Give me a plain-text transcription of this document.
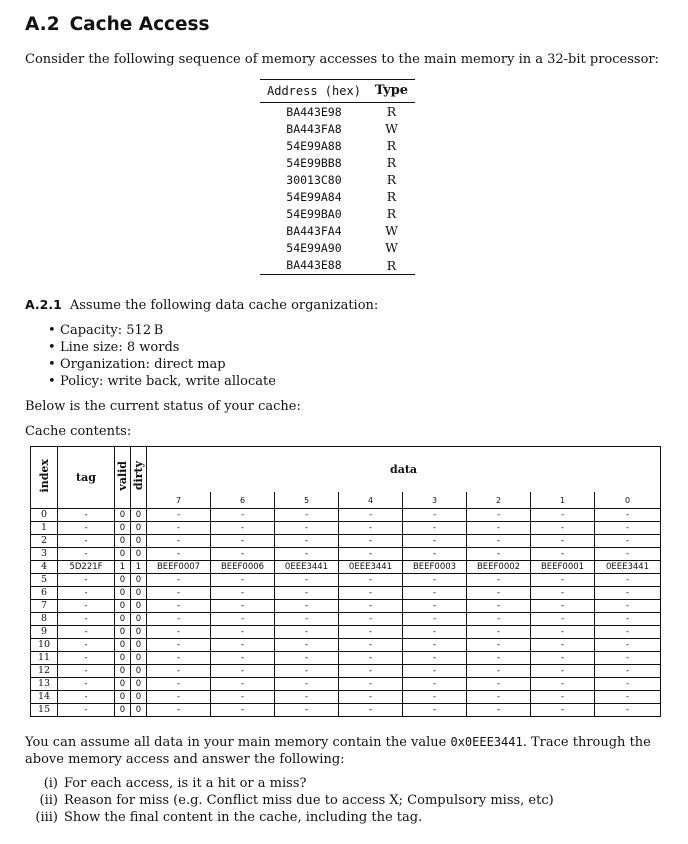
A.2 Cache Access
Consider the following sequence of memory accesses to the main memory in a 32-bit processor:
Address (hex)	Type
BA443E98	R
BA443FA8	W
54E99A88	R
54E99BB8	R
30013C80	R
54E99A84	R
54E99BA0	R
BA443FA4	W
54E99A90	W
BA443E88	R
A.2.1 Assume the following data cache organization:
• Capacity: 512 B
• Line size: 8 words
• Organization: direct map
• Policy: write back, write allocate
Below is the current status of your cache:
Cache contents:
index	tag	valid	dirty	data							
				7	6	5	4	3	2	1	0
0	-	0	0	-	-	-	-	-	-	-	-
1	-	0	0	-	-	-	-	-	-	-	-
2	-	0	0	-	-	-	-	-	-	-	-
3	-	0	0	-	-	-	-	-	-	-	-
4	5D221F	1	1	BEEF0007	BEEF0006	0EEE3441	0EEE3441	BEEF0003	BEEF0002	BEEF0001	0EEE3441
5	-	0	0	-	-	-	-	-	-	-	-
6	-	0	0	-	-	-	-	-	-	-	-
7	-	0	0	-	-	-	-	-	-	-	-
8	-	0	0	-	-	-	-	-	-	-	-
9	-	0	0	-	-	-	-	-	-	-	-
10	-	0	0	-	-	-	-	-	-	-	-
11	-	0	0	-	-	-	-	-	-	-	-
12	-	0	0	-	-	-	-	-	-	-	-
13	-	0	0	-	-	-	-	-	-	-	-
14	-	0	0	-	-	-	-	-	-	-	-
15	-	0	0	-	-	-	-	-	-	-	-
You can assume all data in your main memory contain the value 0x0EEE3441. Trace through the above memory access and answer the following:
(i) For each access, is it a hit or a miss?
(ii) Reason for miss (e.g. Conflict miss due to access X; Compulsory miss, etc)
(iii) Show the final content in the cache, including the tag.
